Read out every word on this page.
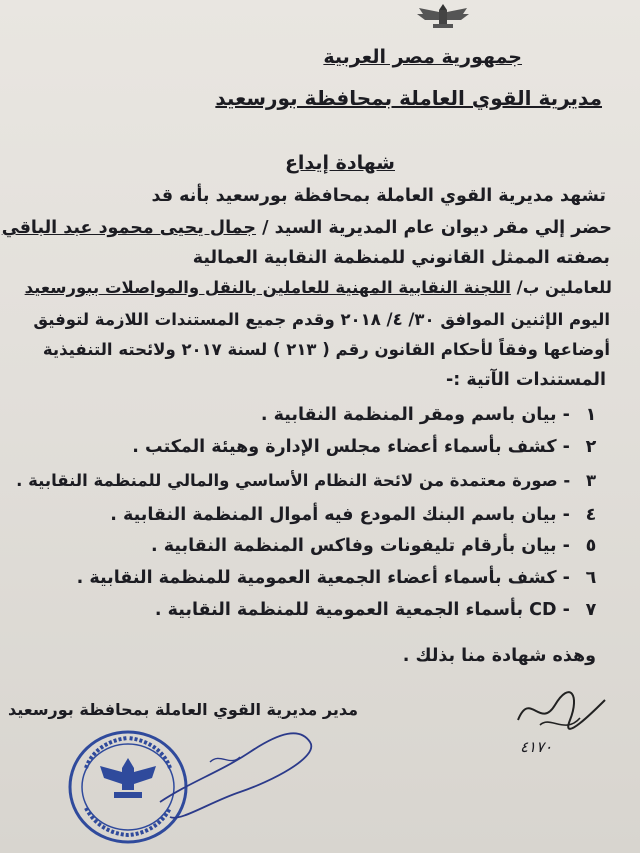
جمهورية مصر العربية
مديرية القوي العاملة بمحافظة بورسعيد
شهادة إيداع
تشهد مديرية القوي العاملة بمحافظة بورسعيد بأنه قد
حضر إلي مقر ديوان عام المديرية السيد / جمال يحيى محمود عبد الباقي
بصفته الممثل القانوني للمنظمة النقابية العمالية
للعاملين ب/ اللجنة النقابية المهنية للعاملين بالنقل والمواصلات ببورسعيد
اليوم الإثنين الموافق ٣٠/ ٤/ ٢٠١٨ وقدم جميع المستندات اللازمة لتوفيق
أوضاعها وفقاً لأحكام القانون رقم ( ٢١٣ ) لسنة ٢٠١٧ ولائحته التنفيذية
المستندات الآتية :-
١ - بيان باسم ومقر المنظمة النقابية .
٢ - كشف بأسماء أعضاء مجلس الإدارة وهيئة المكتب .
٣ - صورة معتمدة من لائحة النظام الأساسي والمالي للمنظمة النقابية .
٤ - بيان باسم البنك المودع فيه أموال المنظمة النقابية .
٥ - بيان بأرقام تليفونات وفاكس المنظمة النقابية .
٦ - كشف بأسماء أعضاء الجمعية العمومية للمنظمة النقابية .
٧ - CD بأسماء الجمعية العمومية للمنظمة النقابية .
وهذه شهادة منا بذلك .
مدير مديرية القوي العاملة بمحافظة بورسعيد
٤١٧٠
